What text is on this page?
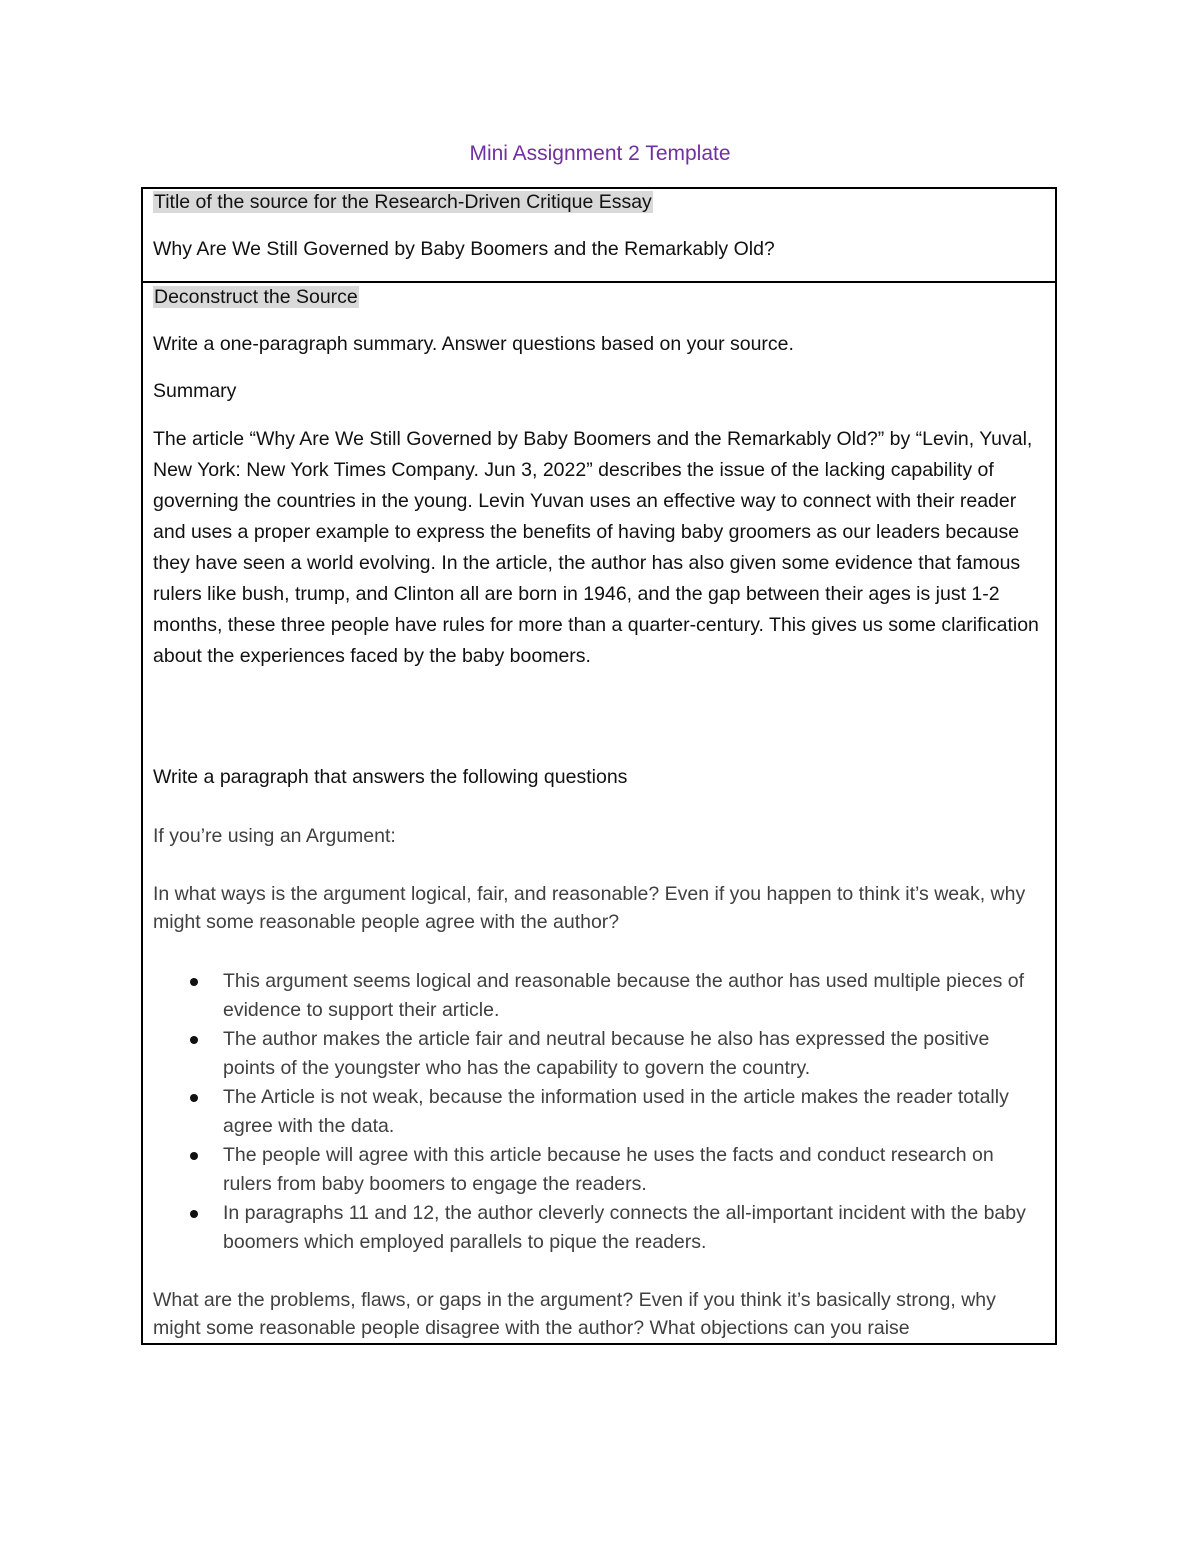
Mini Assignment 2 Template
Title of the source for the Research-Driven Critique Essay
Why Are We Still Governed by Baby Boomers and the Remarkably Old?
Deconstruct the Source
Write a one-paragraph summary. Answer questions based on your source.
Summary
The article “Why Are We Still Governed by Baby Boomers and the Remarkably Old?” by “Levin, Yuval, New York: New York Times Company. Jun 3, 2022” describes the issue of the lacking capability of governing the countries in the young. Levin Yuvan uses an effective way to connect with their reader and uses a proper example to express the benefits of having baby groomers as our leaders because they have seen a world evolving. In the article, the author has also given some evidence that famous rulers like bush, trump, and Clinton all are born in 1946, and the gap between their ages is just 1-2 months, these three people have rules for more than a quarter-century. This gives us some clarification about the experiences faced by the baby boomers.
Write a paragraph that answers the following questions
If you’re using an Argument:
In what ways is the argument logical, fair, and reasonable? Even if you happen to think it’s weak, why might some reasonable people agree with the author?
This argument seems logical and reasonable because the author has used multiple pieces of evidence to support their article.
The author makes the article fair and neutral because he also has expressed the positive points of the youngster who has the capability to govern the country.
The Article is not weak, because the information used in the article makes the reader totally agree with the data.
The people will agree with this article because he uses the facts and conduct research on rulers from baby boomers to engage the readers.
In paragraphs 11 and 12, the author cleverly connects the all-important incident with the baby boomers which employed parallels to pique the readers.
What are the problems, flaws, or gaps in the argument? Even if you think it’s basically strong, why might some reasonable people disagree with the author? What objections can you raise
